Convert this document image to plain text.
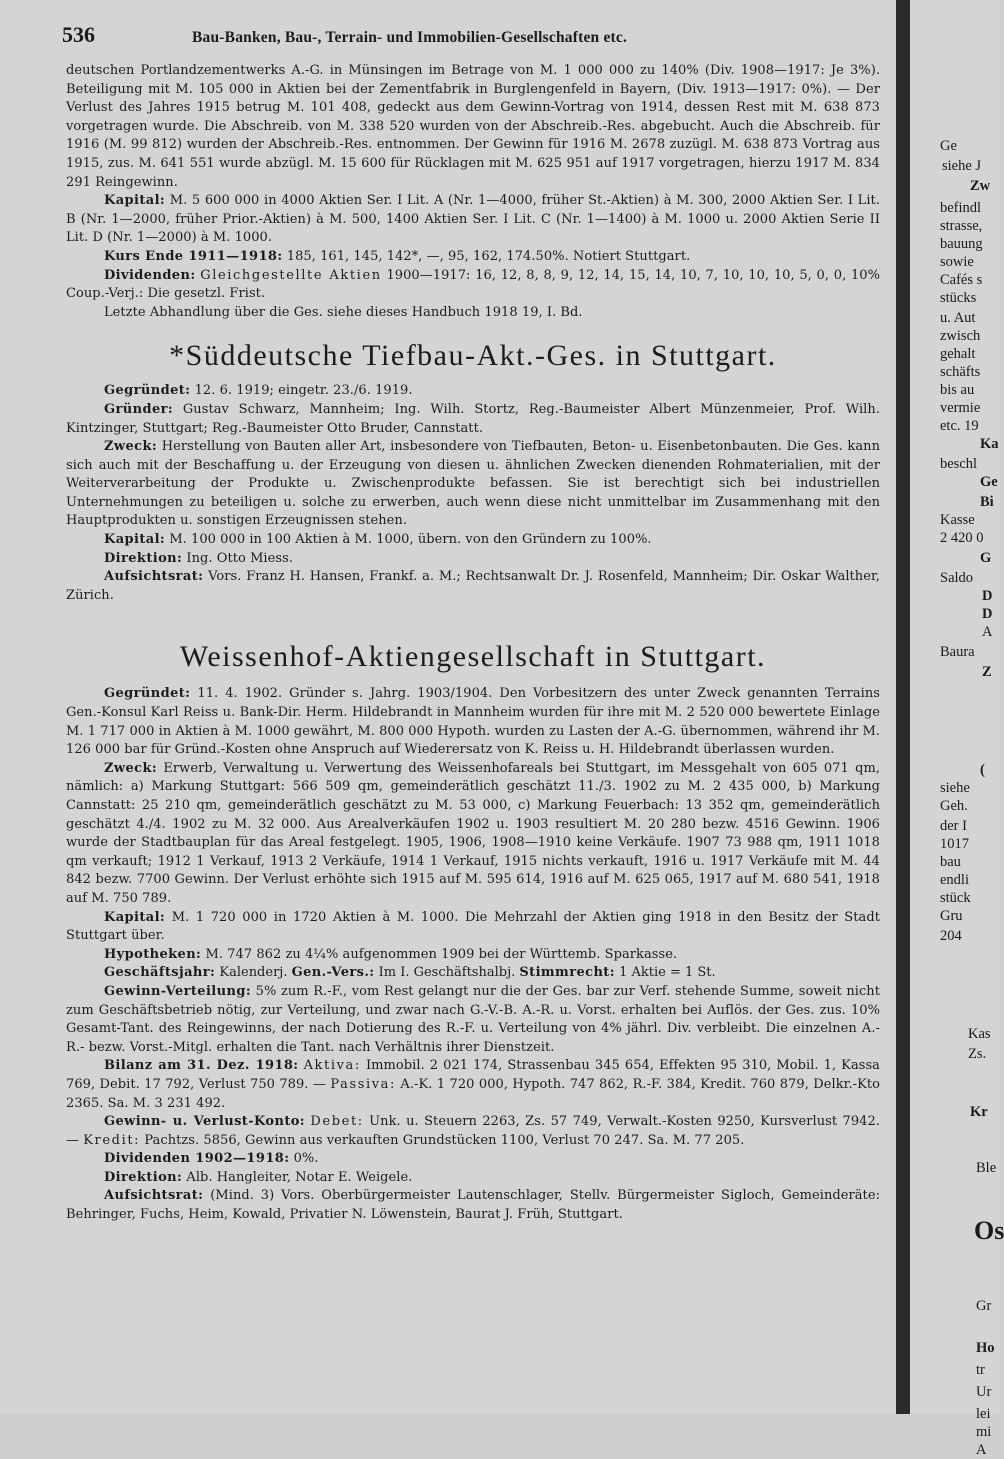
536	Bau-Banken, Bau-, Terrain- und Immobilien-Gesellschaften etc.

deutschen Portlandzementwerks A.-G. in Münsingen im Betrage von M. 1 000 000 zu 140% (Div. 1908—1917: Je 3%). Beteiligung mit M. 105 000 in Aktien bei der Zementfabrik in Burglengenfeld in Bayern, (Div. 1913—1917: 0%). — Der Verlust des Jahres 1915 betrug M. 101 408, gedeckt aus dem Gewinn-Vortrag von 1914, dessen Rest mit M. 638 873 vorgetragen wurde. Die Abschreib. von M. 338 520 wurden von der Abschreib.-Res. abgebucht. Auch die Abschreib. für 1916 (M. 99 812) wurden der Abschreib.-Res. entnommen. Der Gewinn für 1916 M. 2678 zuzügl. M. 638 873 Vortrag aus 1915, zus. M. 641 551 wurde abzügl. M. 15 600 für Rücklagen mit M. 625 951 auf 1917 vorgetragen, hierzu 1917 M. 834 291 Reingewinn.

Kapital: M. 5 600 000 in 4000 Aktien Ser. I Lit. A (Nr. 1—4000, früher St.-Aktien) à M. 300, 2000 Aktien Ser. I Lit. B (Nr. 1—2000, früher Prior.-Aktien) à M. 500, 1400 Aktien Ser. I Lit. C (Nr. 1—1400) à M. 1000 u. 2000 Aktien Serie II Lit. D (Nr. 1—2000) à M. 1000.

Kurs Ende 1911—1918: 185, 161, 145, 142*, —, 95, 162, 174.50%. Notiert Stuttgart.

Dividenden: Gleichgestellte Aktien 1900—1917: 16, 12, 8, 8, 9, 12, 14, 15, 14, 10, 7, 10, 10, 10, 5, 0, 0, 10% Coup.-Verj.: Die gesetzl. Frist.

Letzte Abhandlung über die Ges. siehe dieses Handbuch 1918 19, I. Bd.

*Süddeutsche Tiefbau-Akt.-Ges. in Stuttgart.

Gegründet: 12. 6. 1919; eingetr. 23./6. 1919.

Gründer: Gustav Schwarz, Mannheim; Ing. Wilh. Stortz, Reg.-Baumeister Albert Münzenmeier, Prof. Wilh. Kintzinger, Stuttgart; Reg.-Baumeister Otto Bruder, Cannstatt.

Zweck: Herstellung von Bauten aller Art, insbesondere von Tiefbauten, Beton- u. Eisenbetonbauten. Die Ges. kann sich auch mit der Beschaffung u. der Erzeugung von diesen u. ähnlichen Zwecken dienenden Rohmaterialien, mit der Weiterverarbeitung der Produkte u. Zwischenprodukte befassen. Sie ist berechtigt sich bei industriellen Unternehmungen zu beteiligen u. solche zu erwerben, auch wenn diese nicht unmittelbar im Zusammenhang mit den Hauptprodukten u. sonstigen Erzeugnissen stehen.

Kapital: M. 100 000 in 100 Aktien à M. 1000, übern. von den Gründern zu 100%.

Direktion: Ing. Otto Miess.

Aufsichtsrat: Vors. Franz H. Hansen, Frankf. a. M.; Rechtsanwalt Dr. J. Rosenfeld, Mannheim; Dir. Oskar Walther, Zürich.

Weissenhof-Aktiengesellschaft in Stuttgart.

Gegründet: 11. 4. 1902. Gründer s. Jahrg. 1903/1904. Den Vorbesitzern des unter Zweck genannten Terrains Gen.-Konsul Karl Reiss u. Bank-Dir. Herm. Hildebrandt in Mannheim wurden für ihre mit M. 2 520 000 bewertete Einlage M. 1 717 000 in Aktien à M. 1000 gewährt, M. 800 000 Hypoth. wurden zu Lasten der A.-G. übernommen, während ihr M. 126 000 bar für Gründ.-Kosten ohne Anspruch auf Wiederersatz von K. Reiss u. H. Hildebrandt überlassen wurden.

Zweck: Erwerb, Verwaltung u. Verwertung des Weissenhofareals bei Stuttgart, im Messgehalt von 605 071 qm, nämlich: a) Markung Stuttgart: 566 509 qm, gemeinderätlich geschätzt 11./3. 1902 zu M. 2 435 000, b) Markung Cannstatt: 25 210 qm, gemeinderätlich geschätzt zu M. 53 000, c) Markung Feuerbach: 13 352 qm, gemeinderätlich geschätzt 4./4. 1902 zu M. 32 000. Aus Arealverkäufen 1902 u. 1903 resultiert M. 20 280 bezw. 4516 Gewinn. 1906 wurde der Stadtbauplan für das Areal festgelegt. 1905, 1906, 1908—1910 keine Verkäufe. 1907 73 988 qm, 1911 1018 qm verkauft; 1912 1 Verkauf, 1913 2 Verkäufe, 1914 1 Verkauf, 1915 nichts verkauft, 1916 u. 1917 Verkäufe mit M. 44 842 bezw. 7700 Gewinn. Der Verlust erhöhte sich 1915 auf M. 595 614, 1916 auf M. 625 065, 1917 auf M. 680 541, 1918 auf M. 750 789.

Kapital: M. 1 720 000 in 1720 Aktien à M. 1000. Die Mehrzahl der Aktien ging 1918 in den Besitz der Stadt Stuttgart über.

Hypotheken: M. 747 862 zu 4¼% aufgenommen 1909 bei der Württemb. Sparkasse.

Geschäftsjahr: Kalenderj. Gen.-Vers.: Im I. Geschäftshalbj. Stimmrecht: 1 Aktie = 1 St.

Gewinn-Verteilung: 5% zum R.-F., vom Rest gelangt nur die der Ges. bar zur Verf. stehende Summe, soweit nicht zum Geschäftsbetrieb nötig, zur Verteilung, und zwar nach G.-V.-B. A.-R. u. Vorst. erhalten bei Auflös. der Ges. zus. 10% Gesamt-Tant. des Reingewinns, der nach Dotierung des R.-F. u. Verteilung von 4% jährl. Div. verbleibt. Die einzelnen A.-R.- bezw. Vorst.-Mitgl. erhalten die Tant. nach Verhältnis ihrer Dienstzeit.

Bilanz am 31. Dez. 1918: Aktiva: Immobil. 2 021 174, Strassenbau 345 654, Effekten 95 310, Mobil. 1, Kassa 769, Debit. 17 792, Verlust 750 789. — Passiva: A.-K. 1 720 000, Hypoth. 747 862, R.-F. 384, Kredit. 760 879, Delkr.-Kto 2365. Sa. M. 3 231 492.

Gewinn- u. Verlust-Konto: Debet: Unk. u. Steuern 2263, Zs. 57 749, Verwalt.-Kosten 9250, Kursverlust 7942. — Kredit: Pachtzs. 5856, Gewinn aus verkauften Grundstücken 1100, Verlust 70 247. Sa. M. 77 205.

Dividenden 1902—1918: 0%.

Direktion: Alb. Hangleiter, Notar E. Weigele.

Aufsichtsrat: (Mind. 3) Vors. Oberbürgermeister Lautenschlager, Stellv. Bürgermeister Sigloch, Gemeinderäte: Behringer, Fuchs, Heim, Kowald, Privatier N. Löwenstein, Baurat J. Früh, Stuttgart.

Ge
siehe J
Zw
befindl
strasse,
bauung
sowie
Cafés s
stücks
u. Aut
zwisch
gehalt
schäfts
bis au
vermie
etc. 19
Ka
beschl
Ge
Bi
Kasse
2 420 0
G
Saldo
D
D
A
Baura
Z
(
siehe
Geh.
der I
1017
bau
endli
stück
Gru
204
Kas
Zs.
Kr
Ble
Os
Gr
Ho
tr
Ur
lei
mi
A
